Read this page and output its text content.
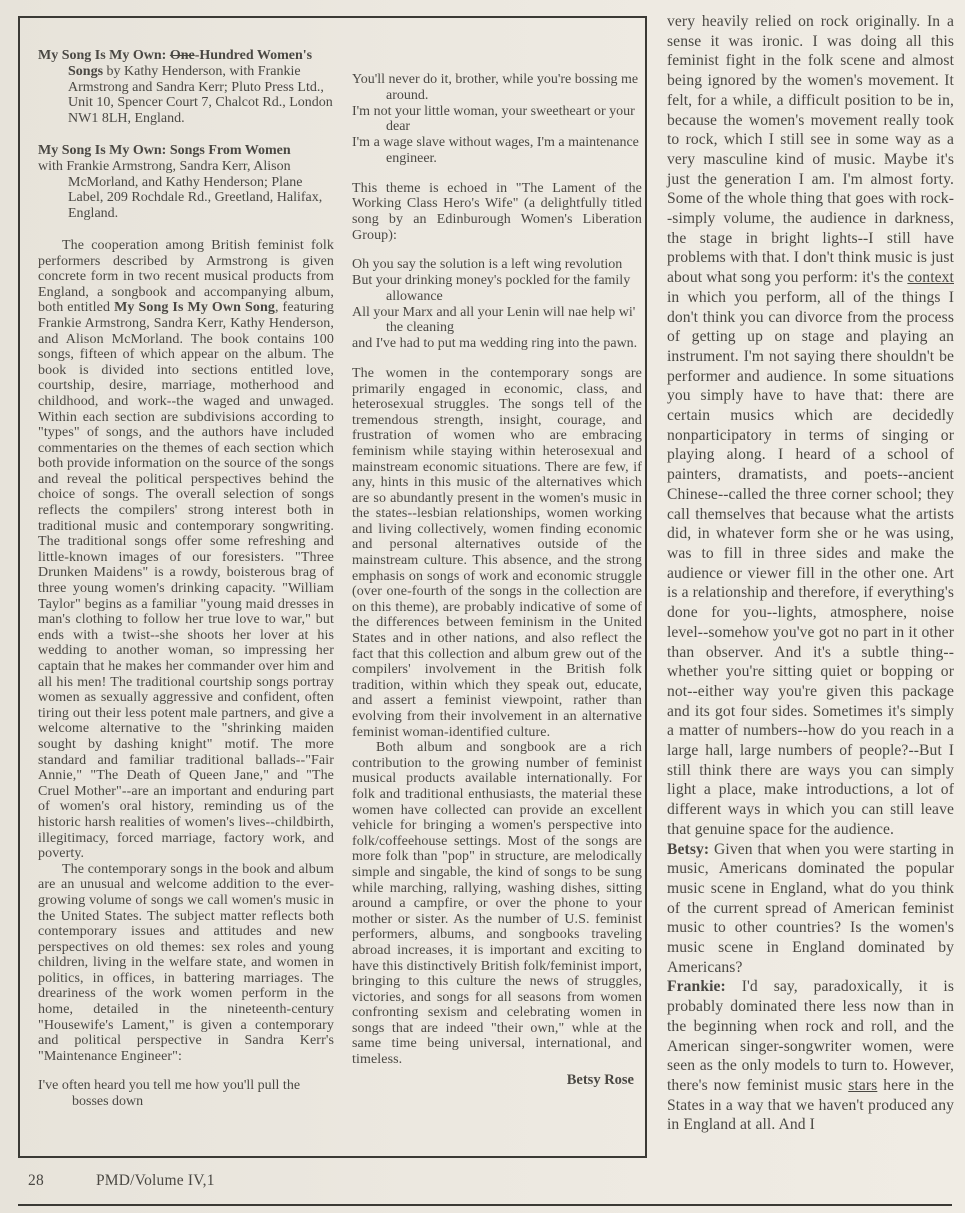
My Song Is My Own: One-Hundred Women's Songs by Kathy Henderson, with Frankie Armstrong and Sandra Kerr; Pluto Press Ltd., Unit 10, Spencer Court 7, Chalcot Rd., London NW1 8LH, England.

My Song Is My Own: Songs From Women
with Frankie Armstrong, Sandra Kerr, Alison McMorland, and Kathy Henderson; Plane Label, 209 Rochdale Rd., Greetland, Halifax, England.

The cooperation among British feminist folk performers described by Armstrong is given concrete form in two recent musical products from England, a songbook and accompanying album, both entitled My Song Is My Own Song, featuring Frankie Armstrong, Sandra Kerr, Kathy Henderson, and Alison McMorland. The book contains 100 songs, fifteen of which appear on the album. The book is divided into sections entitled love, courtship, desire, marriage, motherhood and childhood, and work--the waged and unwaged. Within each section are subdivisions according to "types" of songs, and the authors have included commentaries on the themes of each section which both provide information on the source of the songs and reveal the political perspectives behind the choice of songs. The overall selection of songs reflects the compilers' strong interest both in traditional music and contemporary songwriting. The traditional songs offer some refreshing and little-known images of our foresisters. "Three Drunken Maidens" is a rowdy, boisterous brag of three young women's drinking capacity. "William Taylor" begins as a familiar "young maid dresses in man's clothing to follow her true love to war," but ends with a twist--she shoots her lover at his wedding to another woman, so impressing her captain that he makes her commander over him and all his men! The traditional courtship songs portray women as sexually aggressive and confident, often tiring out their less potent male partners, and give a welcome alternative to the "shrinking maiden sought by dashing knight" motif. The more standard and familiar traditional ballads--"Fair Annie," "The Death of Queen Jane," and "The Cruel Mother"--are an important and enduring part of women's oral history, reminding us of the historic harsh realities of women's lives--childbirth, illegitimacy, forced marriage, factory work, and poverty.

The contemporary songs in the book and album are an unusual and welcome addition to the ever-growing volume of songs we call women's music in the United States. The subject matter reflects both contemporary issues and attitudes and new perspectives on old themes: sex roles and young children, living in the welfare state, and women in politics, in offices, in battering marriages. The dreariness of the work women perform in the home, detailed in the nineteenth-century "Housewife's Lament," is given a contemporary and political perspective in Sandra Kerr's "Maintenance Engineer":

I've often heard you tell me how you'll pull the bosses down
You'll never do it, brother, while you're bossing me around.
I'm not your little woman, your sweetheart or your dear
I'm a wage slave without wages, I'm a maintenance engineer.

This theme is echoed in "The Lament of the Working Class Hero's Wife" (a delightfully titled song by an Edinburough Women's Liberation Group):

Oh you say the solution is a left wing revolution
But your drinking money's pockled for the family allowance
All your Marx and all your Lenin will nae help wi' the cleaning
and I've had to put ma wedding ring into the pawn.

The women in the contemporary songs are primarily engaged in economic, class, and heterosexual struggles. The songs tell of the tremendous strength, insight, courage, and frustration of women who are embracing feminism while staying within heterosexual and mainstream economic situations. There are few, if any, hints in this music of the alternatives which are so abundantly present in the women's music in the states--lesbian relationships, women working and living collectively, women finding economic and personal alternatives outside of the mainstream culture. This absence, and the strong emphasis on songs of work and economic struggle (over one-fourth of the songs in the collection are on this theme), are probably indicative of some of the differences between feminism in the United States and in other nations, and also reflect the fact that this collection and album grew out of the compilers' involvement in the British folk tradition, within which they speak out, educate, and assert a feminist viewpoint, rather than evolving from their involvement in an alternative feminist woman-identified culture.

Both album and songbook are a rich contribution to the growing number of feminist musical products available internationally. For folk and traditional enthusiasts, the material these women have collected can provide an excellent vehicle for bringing a women's perspective into folk/coffeehouse settings. Most of the songs are more folk than "pop" in structure, are melodically simple and singable, the kind of songs to be sung while marching, rallying, washing dishes, sitting around a campfire, or over the phone to your mother or sister. As the number of U.S. feminist performers, albums, and songbooks traveling abroad increases, it is important and exciting to have this distinctively British folk/feminist import, bringing to this culture the news of struggles, victories, and songs for all seasons from women confronting sexism and celebrating women in songs that are indeed "their own," whle at the same time being universal, international, and timeless.

Betsy Rose

very heavily relied on rock originally. In a sense it was ironic. I was doing all this feminist fight in the folk scene and almost being ignored by the women's movement. It felt, for a while, a difficult position to be in, because the women's movement really took to rock, which I still see in some way as a very masculine kind of music. Maybe it's just the generation I am. I'm almost forty. Some of the whole thing that goes with rock--simply volume, the audience in darkness, the stage in bright lights--I still have problems with that. I don't think music is just about what song you perform: it's the context in which you perform, all of the things I don't think you can divorce from the process of getting up on stage and playing an instrument. I'm not saying there shouldn't be performer and audience. In some situations you simply have to have that: there are certain musics which are decidedly nonparticipatory in terms of singing or playing along. I heard of a school of painters, dramatists, and poets--ancient Chinese--called the three corner school; they call themselves that because what the artists did, in whatever form she or he was using, was to fill in three sides and make the audience or viewer fill in the other one. Art is a relationship and therefore, if everything's done for you--lights, atmosphere, noise level--somehow you've got no part in it other than observer. And it's a subtle thing--whether you're sitting quiet or bopping or not--either way you're given this package and its got four sides. Sometimes it's simply a matter of numbers--how do you reach in a large hall, large numbers of people?--But I still think there are ways you can simply light a place, make introductions, a lot of different ways in which you can still leave that genuine space for the audience.

Betsy: Given that when you were starting in music, Americans dominated the popular music scene in England, what do you think of the current spread of American feminist music to other countries? Is the women's music scene in England dominated by Americans?

Frankie: I'd say, paradoxically, it is probably dominated there less now than in the beginning when rock and roll, and the American singer-songwriter women, were seen as the only models to turn to. However, there's now feminist music stars here in the States in a way that we haven't produced any in England at all. And I

28	PMD/Volume IV,1
